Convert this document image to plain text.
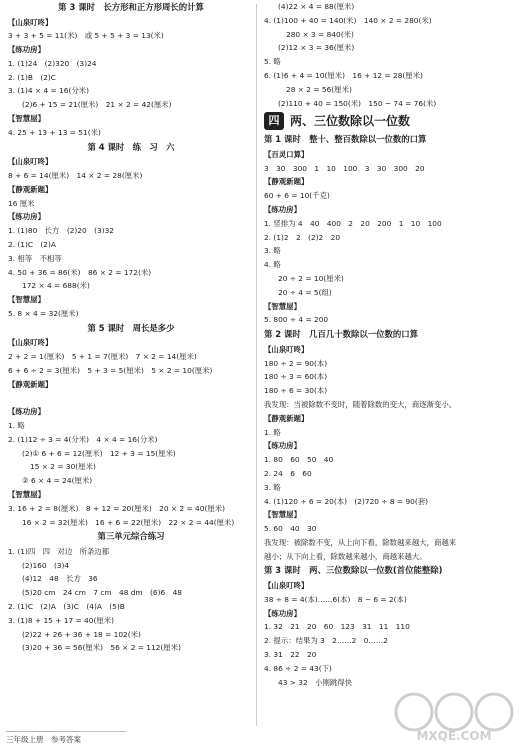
第 3 课时　长方形和正方形周长的计算
【山泉叮咚】
3 + 3 + 5 = 11(米)　或 5 + 5 + 3 = 13(米)
【练功房】
1. (1)24　(2)320　(3)24
2. (1)B　(2)C
3. (1)4 × 4 = 16(分米)
(2)6 + 15 = 21(厘米)　21 × 2 = 42(厘米)
【智慧屋】
4. 25 + 13 + 13 = 51(米)
第 4 课时　练　习　六
【山泉叮咚】
8 + 6 = 14(厘米)　14 × 2 = 28(厘米)
【静观新题】
16 厘米
【练功房】
1. (1)80　长方　(2)20　(3)32
2. (1)C　(2)A
3. 相等　不相等
4. 50 + 36 = 86(米)　86 × 2 = 172(米)
172 × 4 = 688(米)
【智慧屋】
5. 8 × 4 = 32(厘米)
第 5 课时　周长是多少
【山泉叮咚】
2 + 2 = 1(厘米)　5 + 1 = 7(厘米)　7 × 2 = 14(厘米)
6 + 6 ÷ 2 = 3(厘米)　5 + 3 = 5(厘米)　5 × 2 = 10(厘米)
【静观新题】

【练功房】
1. 略
2. (1)12 ÷ 3 = 4(分米)　4 × 4 = 16(分米)
(2)① 6 + 6 = 12(厘米)　12 + 3 = 15(厘米)
15 × 2 = 30(厘米)
② 6 × 4 = 24(厘米)
【智慧屋】
3. 16 + 2 = 8(厘米)　8 + 12 = 20(厘米)　20 × 2 = 40(厘米)
16 × 2 = 32(厘米)　16 + 6 = 22(厘米)　22 × 2 = 44(厘米)
第三单元综合练习
1. (1)四　四　对边　所条边都
(2)160　(3)4
(4)12　48　长方　36
(5)20 cm　24 cm　7 cm　48 dm　(6)6　48
2. (1)C　(2)A　(3)C　(4)A　(5)B
3. (1)8 + 15 + 17 = 40(厘米)
(2)22 + 26 + 36 + 18 = 102(米)
(3)20 + 36 = 56(厘米)　56 × 2 = 112(厘米)
(4)22 × 4 = 88(厘米)
4. (1)100 + 40 = 140(米)　140 × 2 = 280(米)
280 × 3 = 840(米)
(2)12 × 3 = 36(厘米)
5. 略
6. (1)6 + 4 = 10(厘米)　16 + 12 = 28(厘米)
28 × 2 = 56(厘米)
(2)110 + 40 = 150(米)　150 − 74 = 76(米)
四 两、三位数除以一位数
第 1 课时　整十、整百数除以一位数的口算
【百灵口算】
3　30　300　1　10　100　3　30　300　20
【静观新题】
60 + 6 = 10(千克)
【练功房】
1. 竖排为 4　40　400　2　20　200　1　10　100
2. (1)2　2　(2)2　20
3. 略
4. 略
20 ÷ 2 = 10(厘米)
20 ÷ 4 = 5(组)
【智慧屋】
5. 800 ÷ 4 = 200
第 2 课时　几百几十数除以一位数的口算
【山泉叮咚】
180 ÷ 2 = 90(本)
180 ÷ 3 = 60(本)
180 ÷ 6 = 30(本)
我发现：当被除数不变时，随着除数的变大，商逐渐变小。
【静观新题】
1. 略
【练功房】
1. 80　60　50　40
2. 24　6　60
3. 略
4. (1)120 ÷ 6 = 20(本)　(2)720 ÷ 8 = 90(套)
【智慧屋】
5. 60　40　30
我发现：被除数不变，从上向下看，除数越来越大，商越来
越小；从下向上看，除数越来越小，商越来越大。
第 3 课时　两、三位数除以一位数(首位能整除)
【山泉叮咚】
38 ÷ 8 = 4(本)……6(本)　8 − 6 = 2(本)
【练功房】
1. 32　21　20　60　123　31　11　110
2. 提示：结果为 3　2……2　0……2
3. 31　22　20
4. 86 ÷ 2 = 43(下)
43 > 32　小刚跳得快
三年级上册　参考答案	MXQE.COM
